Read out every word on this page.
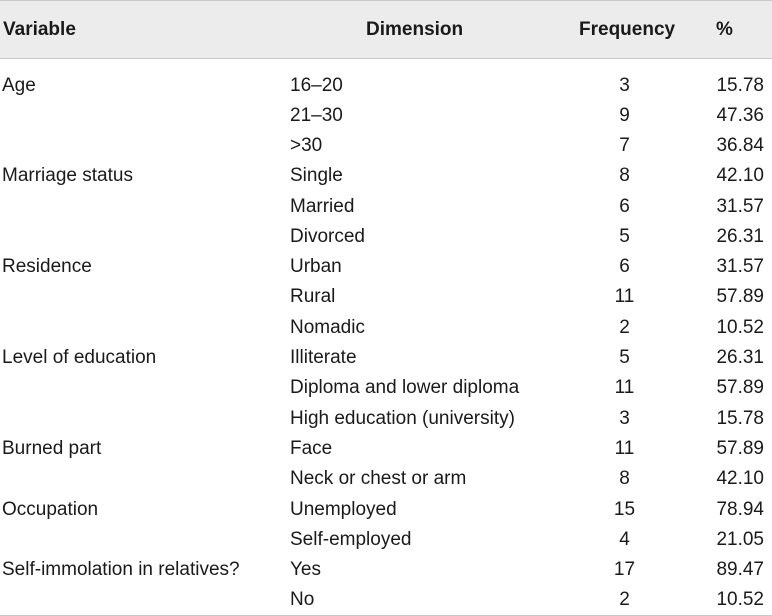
Variable	Dimension	Frequency	%
Age	16–20	3	15.78
	21–30	9	47.36
	>30	7	36.84
Marriage status	Single	8	42.10
	Married	6	31.57
	Divorced	5	26.31
Residence	Urban	6	31.57
	Rural	11	57.89
	Nomadic	2	10.52
Level of education	Illiterate	5	26.31
	Diploma and lower diploma	11	57.89
	High education (university)	3	15.78
Burned part	Face	11	57.89
	Neck or chest or arm	8	42.10
Occupation	Unemployed	15	78.94
	Self-employed	4	21.05
Self-immolation in relatives?	Yes	17	89.47
	No	2	10.52
